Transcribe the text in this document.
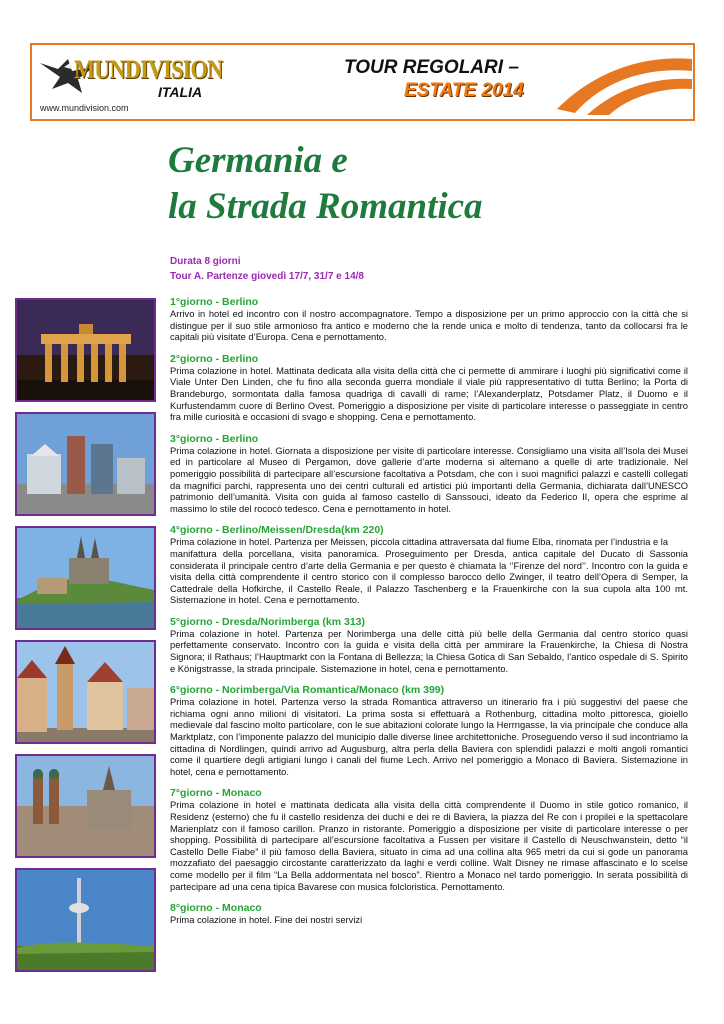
MUNDIVISION
ITALIA
www.mundivision.com
TOUR REGOLARI –
ESTATE 2014
Germania e
la Strada Romantica
Durata 8 giorni
Tour A. Partenze giovedì 17/7, 31/7 e 14/8
1°giorno - Berlino

Arrivo in hotel ed incontro con il nostro accompagnatore. Tempo a disposizione per un primo approccio con la città che si distingue per il suo stile armonioso fra antico e moderno che la rende unica e molto di tendenza, tanto da collocarsi fra le capitali più visitate d’Europa. Cena e pernottamento.

2°giorno - Berlino

Prima colazione in hotel. Mattinata dedicata alla visita della città che ci permette di ammirare i luoghi più significativi come il Viale Unter Den Linden, che fu fino alla seconda guerra mondiale il viale più rappresentativo di tutta Berlino; la Porta di Brandeburgo, sormontata dalla famosa quadriga di cavalli di rame; l’Alexanderplatz, Potsdamer Platz, il Duomo e il Kurfustendamm cuore di Berlino Ovest. Pomeriggio a disposizione per visite di particolare interesse o passeggiate in centro fra mille curiosità e occasioni di svago e shopping. Cena e pernottamento.

3°giorno - Berlino

Prima colazione in hotel. Giornata a disposizione per visite di particolare interesse. Consigliamo una visita all’Isola dei Musei ed in particolare al Museo di Pergamon, dove gallerie d’arte moderna si alternano a quelle di arte tradizionale. Nel pomeriggio possibilità di partecipare all’escursione facoltativa a Potsdam, che con i suoi magnifici palazzi e castelli collegati da magnifici parchi, rappresenta uno dei centri culturali ed artistici più importanti della Germania, dichiarata dall’UNESCO patrimonio dell’umanità. Visita con guida al famoso castello di Sanssouci, ideato da Federico II, opera che esprime al massimo lo stile del rococò tedesco. Cena e pernottamento in hotel.

4°giorno - Berlino/Meissen/Dresda(km 220)

Prima colazione in hotel. Partenza per Meissen, piccola cittadina attraversata dal fiume Elba, rinomata per l’industria e la
manifattura della porcellana, visita panoramica. Proseguimento per Dresda, antica capitale del Ducato di Sassonia considerata il principale centro d’arte della Germania e per questo è chiamata la ‘’Firenze del nord’’. Incontro con la guida e visita della città comprendente il centro storico con il complesso barocco dello Zwinger, il teatro dell’Opera di Semper, la Cattedrale della Hofkirche, il Castello Reale, il Palazzo Taschenberg e la Frauenkirche con la sua cupola alta 100 mt. Sistemazione in hotel. Cena e pernottamento.

5°giorno - Dresda/Norimberga (km 313)

Prima colazione in hotel. Partenza per Norimberga una delle città più belle della Germania dal centro storico quasi perfettamente conservato. Incontro con la guida e visita della città per ammirare la Frauenkirche, la Chiesa di Nostra Signora; il Rathaus; l’Hauptmarkt con la Fontana di Bellezza; la Chiesa Gotica di San Sebaldo, l’antico ospedale di S. Spirito e Königstrasse, la strada principale. Sistemazione in hotel, cena e pernottamento.

6°giorno - Norimberga/Via Romantica/Monaco (km 399)

Prima colazione in hotel. Partenza verso la strada Romantica attraverso un itinerario fra i più suggestivi del paese che richiama ogni anno milioni di visitatori. La prima sosta si effettuarà a Rothenburg, cittadina molto pittoresca, gioiello medievale dal fascino molto particolare, con le sue abitazioni colorate lungo la Herrngasse, la via principale che conduce alla Marktplatz, con l’imponente palazzo del municipio dalle diverse linee architettoniche. Proseguendo verso il sud incontriamo la cittadina di Nordlingen, quindi arrivo ad Augusburg, altra perla della Baviera con splendidi palazzi e molti angoli romantici come il quartiere degli artigiani lungo i canali del fiume Lech. Arrivo nel pomeriggio a Monaco di Baviera. Sistemazione in hotel, cena e pernottamento.

7°giorno - Monaco

Prima colazione in hotel e mattinata dedicata alla visita della città comprendente il Duomo in stile gotico romanico, il Residenz (esterno) che fu il castello residenza dei duchi e dei re di Baviera, la piazza del Re con i propilei e la spettacolare Marienplatz con il famoso carillon. Pranzo in ristorante. Pomeriggio a disposizione per visite di particolare interesse o per shopping. Possibilità di partecipare all’escursione facoltativa a Fussen per visitare il Castello di Neuschwanstein, detto “il Castello Delle Fiabe” il più famoso della Baviera, situato in cima ad una collina alta 965 metri da cui si gode un panorama mozzafiato del paesaggio circostante caratterizzato da laghi e verdi colline. Walt Disney ne rimase affascinato e lo scelse come modello per il film “La Bella addormentata nel bosco”. Rientro a Monaco nel tardo pomeriggio. In serata possibilità di partecipare ad una cena tipica Bavarese con musica folcloristica. Pernottamento.

8°giorno - Monaco

Prima colazione in hotel. Fine dei nostri servizi
